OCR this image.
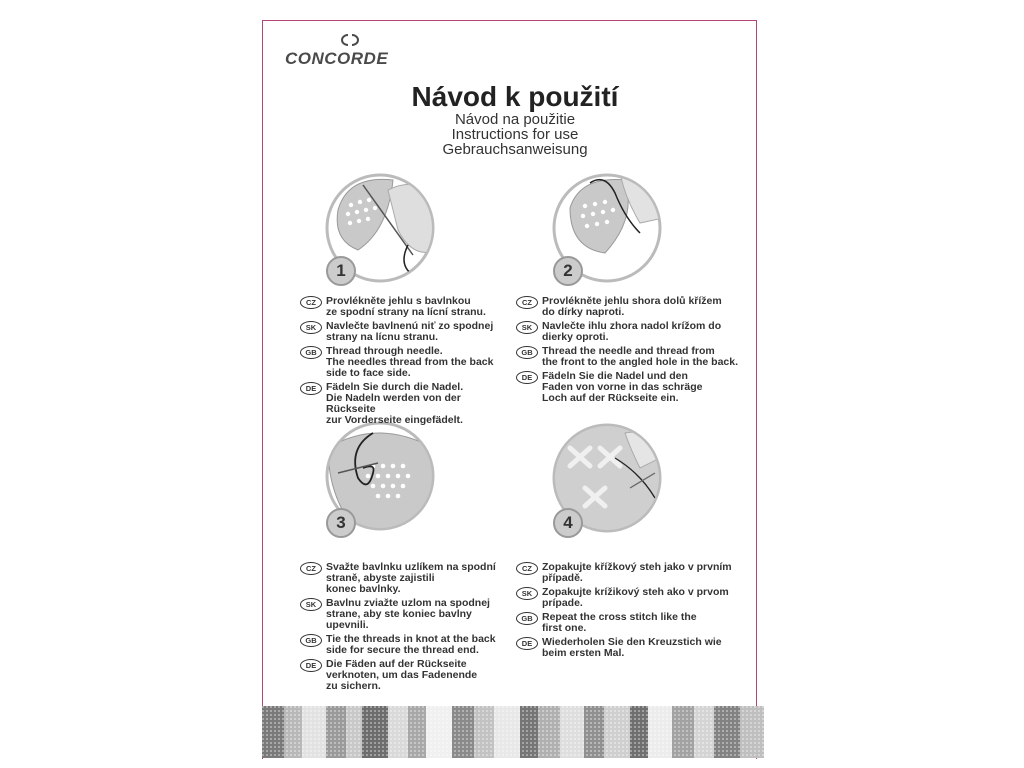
CONCORDE
Návod k použití
Návod na použitie
Instructions for use
Gebrauchsanweisung
1	2
3	4
CZ Provlékněte jehlu s bavlnkou
ze spodní strany na lícní stranu.
SK Navlečte bavlnenú niť zo spodnej
strany na lícnu stranu.
GB Thread through needle.
The needles thread from the back
side to face side.
DE Fädeln Sie durch die Nadel.
Die Nadeln werden von der Rückseite
zur Vorderseite eingefädelt.
CZ Provlékněte jehlu shora dolů křížem
do dírky naproti.
SK Navlečte ihlu zhora nadol krížom do
dierky oproti.
GB Thread the needle and thread from
the front to the angled hole in the back.
DE Fädeln Sie die Nadel und den
Faden von vorne in das schräge
Loch auf der Rückseite ein.
CZ Svažte bavlnku uzlíkem na spodní
straně, abyste zajistili
konec bavlnky.
SK Bavlnu zviažte uzlom na spodnej
strane, aby ste koniec bavlny
upevnili.
GB Tie the threads in knot at the back
side for secure the thread end.
DE Die Fäden auf der Rückseite
verknoten, um das Fadenende
zu sichern.
CZ Zopakujte křížkový steh jako v prvním
případě.
SK Zopakujte krížikový steh ako v prvom
prípade.
GB Repeat the cross stitch like the
first one.
DE Wiederholen Sie den Kreuzstich wie
beim ersten Mal.
